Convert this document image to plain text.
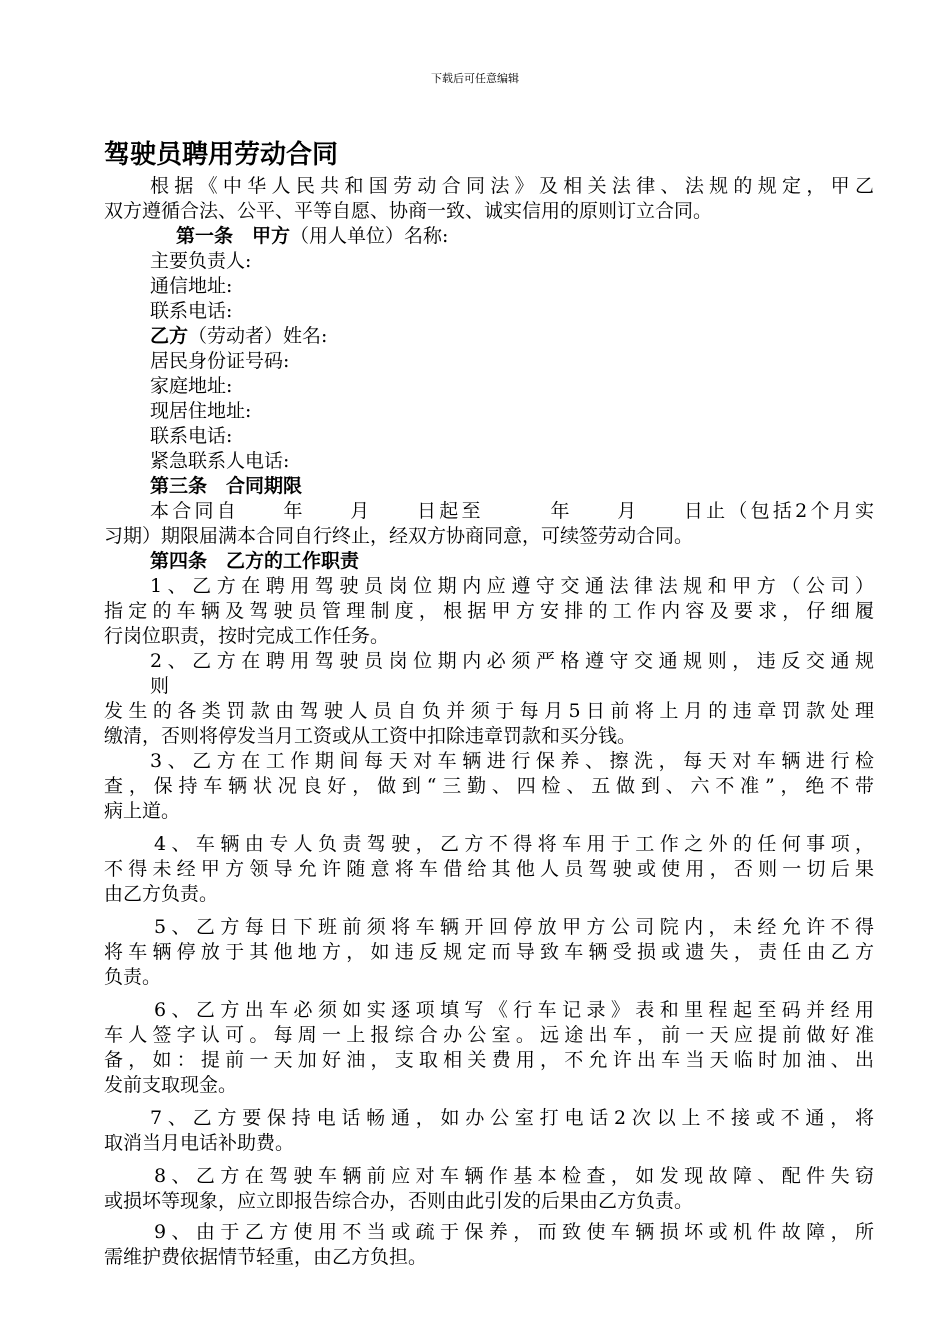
下载后可任意编辑
驾驶员聘用劳动合同
根据《中华人民共和国劳动合同法》及相关法律、法规的规定，甲乙
双方遵循合法、公平、平等自愿、协商一致、诚实信用的原则订立合同。
第一条　甲方（用人单位）名称:
主要负责人:
通信地址:
联系电话:
乙方（劳动者）姓名:
居民身份证号码:
家庭地址:
现居住地址:
联系电话:
紧急联系人电话:
第三条　合同期限
本合同自　　年　　月　　日起至　　　年　　月　　日止（包括2个月实
习期）期限届满本合同自行终止，经双方协商同意，可续签劳动合同。
第四条　乙方的工作职责
1、乙方在聘用驾驶员岗位期内应遵守交通法律法规和甲方（公司）
指定的车辆及驾驶员管理制度，根据甲方安排的工作内容及要求，仔细履
行岗位职责，按时完成工作任务。
2、乙方在聘用驾驶员岗位期内必须严格遵守交通规则，违反交通规
则
发生的各类罚款由驾驶人员自负并须于每月5日前将上月的违章罚款处理
缴清，否则将停发当月工资或从工资中扣除违章罚款和买分钱。
3、乙方在工作期间每天对车辆进行保养、擦洗，每天对车辆进行检
查，保持车辆状况良好，做到“三勤、四检、五做到、六不准”，绝不带
病上道。
4、车辆由专人负责驾驶，乙方不得将车用于工作之外的任何事项，
不得未经甲方领导允许随意将车借给其他人员驾驶或使用，否则一切后果
由乙方负责。
5、乙方每日下班前须将车辆开回停放甲方公司院内，未经允许不得
将车辆停放于其他地方，如违反规定而导致车辆受损或遗失，责任由乙方
负责。
6、乙方出车必须如实逐项填写《行车记录》表和里程起至码并经用
车人签字认可。每周一上报综合办公室。远途出车，前一天应提前做好准
备，如：提前一天加好油，支取相关费用，不允许出车当天临时加油、出
发前支取现金。
7、乙方要保持电话畅通，如办公室打电话2次以上不接或不通，将
取消当月电话补助费。
8、乙方在驾驶车辆前应对车辆作基本检查，如发现故障、配件失窃
或损坏等现象，应立即报告综合办，否则由此引发的后果由乙方负责。
9、由于乙方使用不当或疏于保养，而致使车辆损坏或机件故障，所
需维护费依据情节轻重，由乙方负担。
